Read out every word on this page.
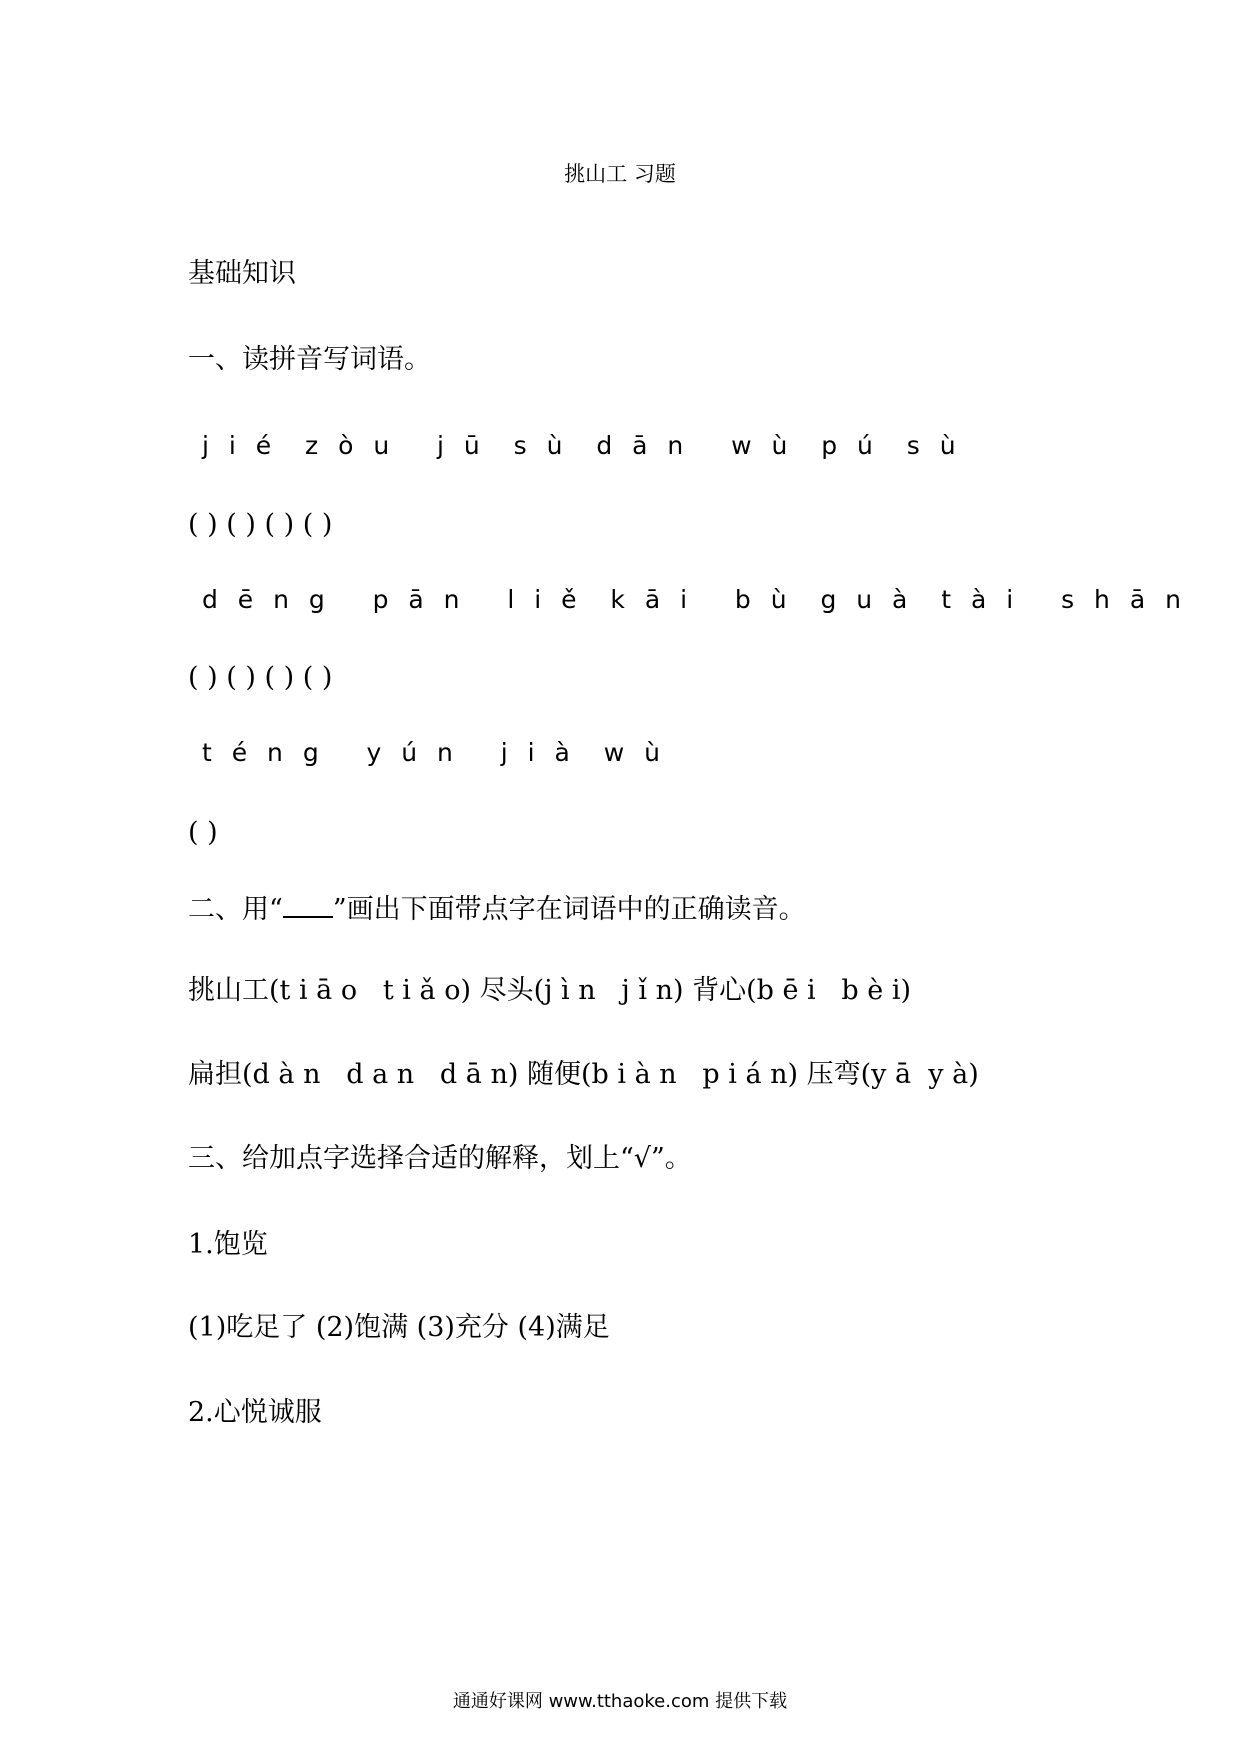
挑山工 习题
基础知识
一、读拼音写词语。
j i é  z ò u   j ū  s ù  d ā n   w ù  p ú  s ù
( ) ( ) ( ) ( )
d ē n g   p ā n   l i ě  k ā i   b ù  g u à  t à i   s h ā n
( ) ( ) ( ) ( )
t é n g   y ú n   j i à  w ù
( )
二、用“ ”画出下面带点字在词语中的正确读音。
挑山工(t i ā o   t i ǎ o) 尽头(j ì n   j ǐ n) 背心(b ē i   b è i)
扁担(d à n   d a n   d ā n) 随便(b i à n   p i á n) 压弯(y ā  y à)
三、给加点字选择合适的解释，划上“√”。
1.饱览
(1)吃足了 (2)饱满 (3)充分 (4)满足
2.心悦诚服
通通好课网 www.tthaoke.com 提供下载
